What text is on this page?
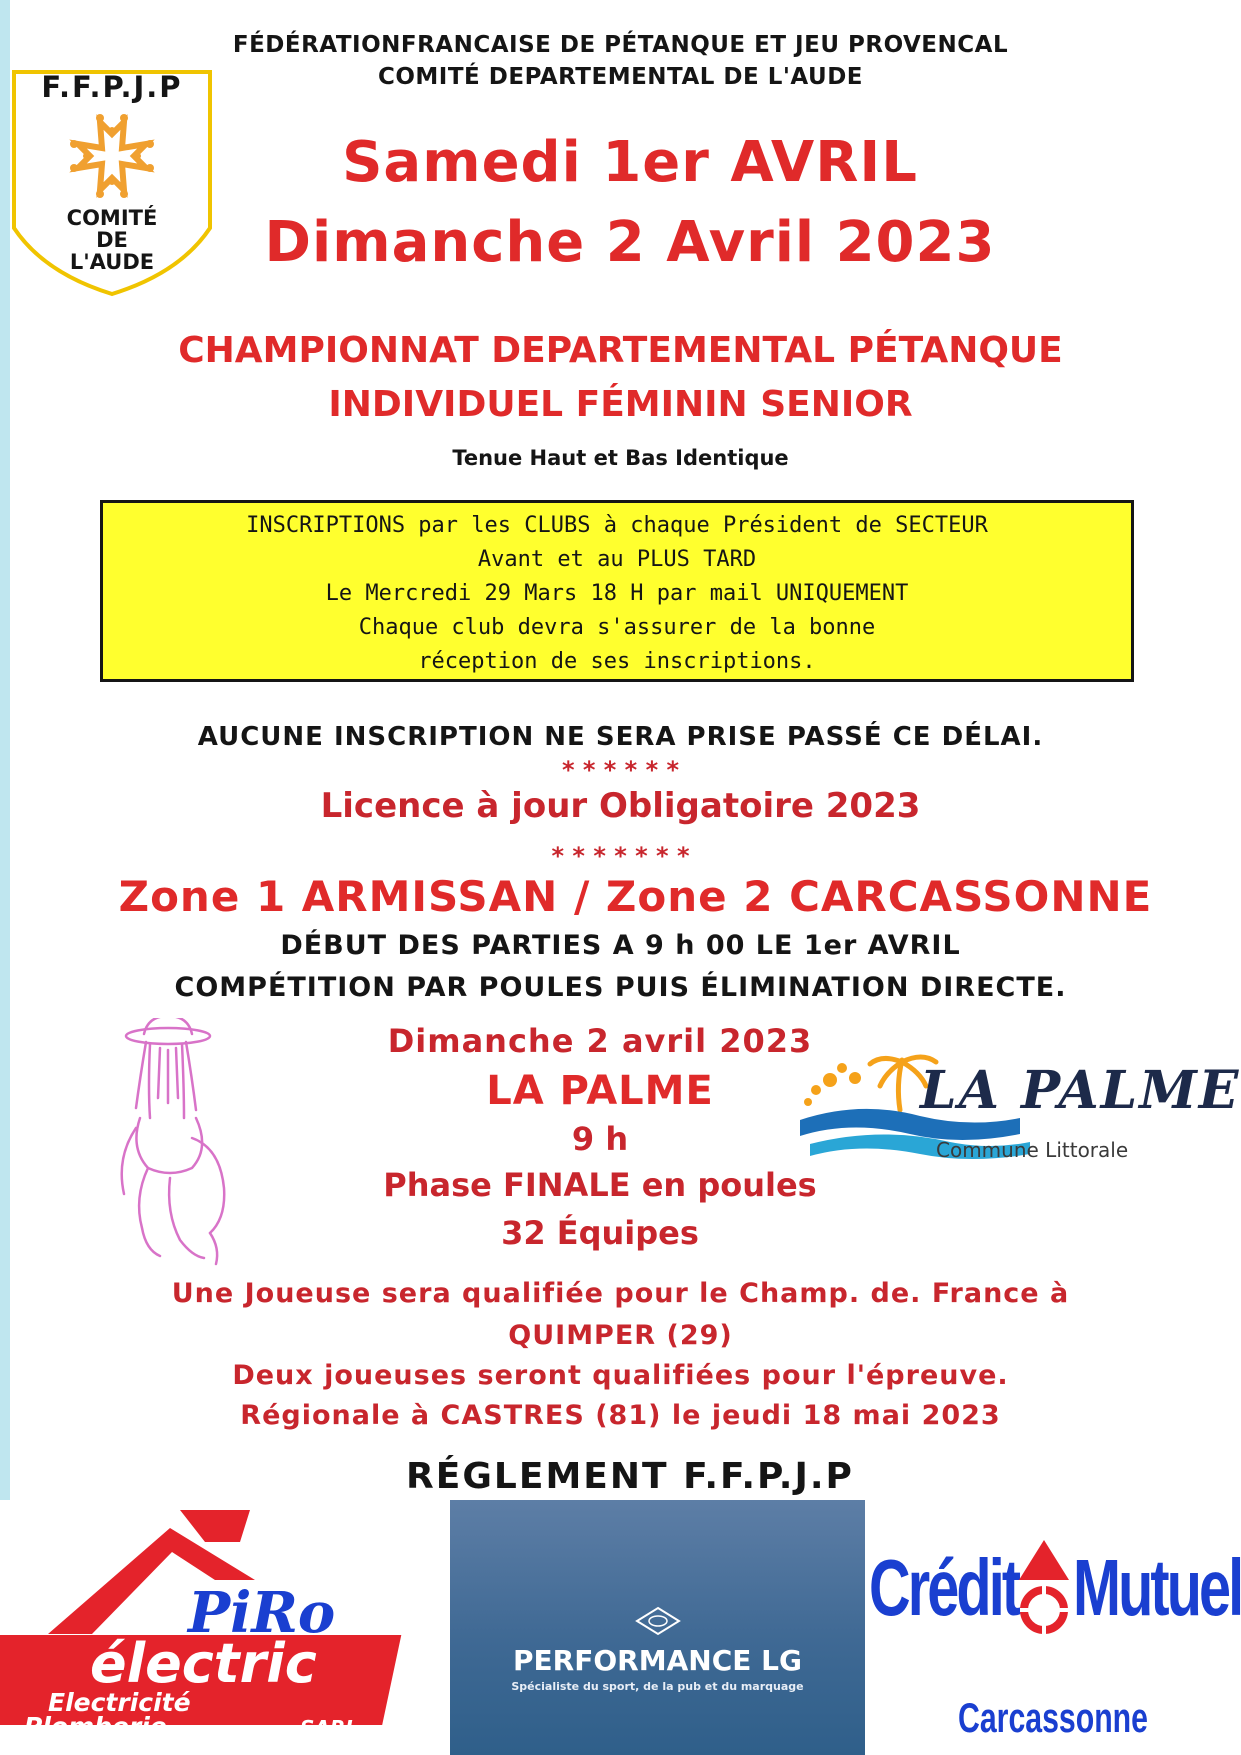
FÉDÉRATIONFRANCAISE DE PÉTANQUE ET JEU PROVENCAL
COMITÉ DEPARTEMENTAL DE L'AUDE
F.F.P.J.P
COMITÉ
DE
L'AUDE
Samedi 1er AVRIL
Dimanche 2 Avril 2023
CHAMPIONNAT DEPARTEMENTAL PÉTANQUE
INDIVIDUEL FÉMININ SENIOR
Tenue Haut et Bas Identique
INSCRIPTIONS par les CLUBS à chaque Président de SECTEUR
Avant et au PLUS TARD
Le Mercredi 29 Mars 18 H par mail UNIQUEMENT
Chaque club devra s'assurer de la bonne
réception de ses inscriptions.
AUCUNE INSCRIPTION NE SERA PRISE PASSÉ CE DÉLAI.
* * * * * *
Licence à jour Obligatoire 2023
* * * * * * *
Zone 1 ARMISSAN / Zone 2 CARCASSONNE
DÉBUT DES PARTIES A 9 h 00 LE 1er AVRIL
COMPÉTITION PAR POULES PUIS ÉLIMINATION DIRECTE.
Dimanche 2 avril 2023
LA PALME
9 h
Phase FINALE en poules
32 Équipes
LA PALME
Commune Littorale
Une Joueuse sera qualifiée pour le Champ. de. France à
QUIMPER (29)
Deux joueuses seront qualifiées pour l'épreuve.
Régionale à CASTRES (81) le jeudi 18 mai 2023
RÉGLEMENT F.F.P.J.P
PiRo
électric
Electricité
Plomberie	SARL
PERFORMANCE LG
Spécialiste du sport, de la pub et du marquage
Crédit Mutuel
Carcassonne
